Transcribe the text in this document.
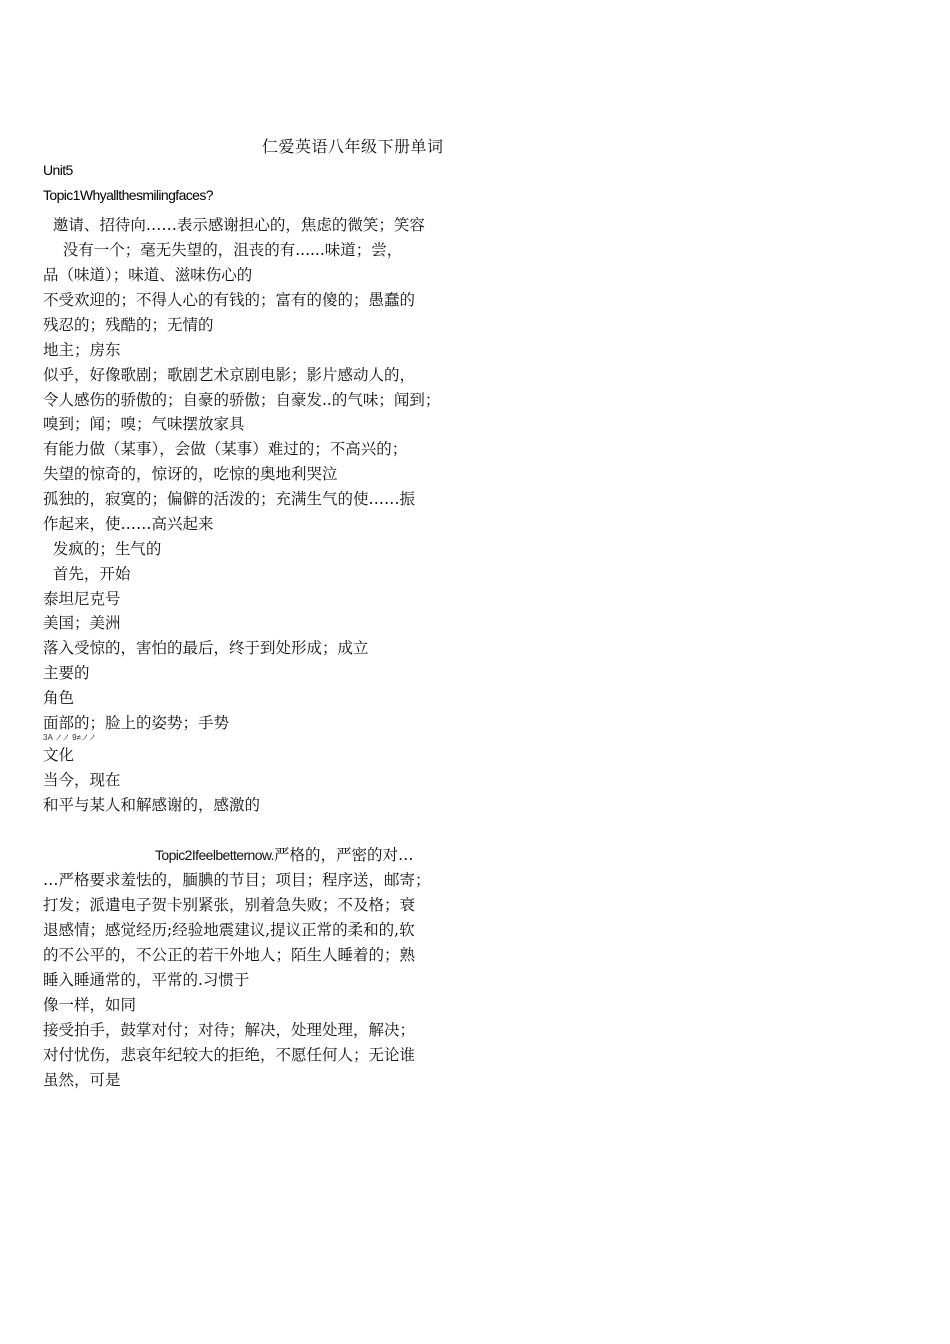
仁爱英语八年级下册单词
Unit5
Topic1Whyallthesmilingfaces?
邀请、招待向……表示感谢担心的，焦虑的微笑；笑容
没有一个；毫无失望的，沮丧的有......味道；尝，
品（味道）；味道、滋味伤心的
不受欢迎的；不得人心的有钱的；富有的傻的；愚蠢的
残忍的；残酷的；无情的
地主；房东
似乎，好像歌剧；歌剧艺术京剧电影；影片感动人的，
令人感伤的骄傲的；自豪的骄傲；自豪发..的气味；闻到；
嗅到；闻；嗅；气味摆放家具
有能力做（某事），会做（某事）难过的；不高兴的；
失望的惊奇的，惊讶的，吃惊的奥地利哭泣
孤独的，寂寞的；偏僻的活泼的；充满生气的使……振
作起来，使……高兴起来
发疯的；生气的
首先，开始
泰坦尼克号
美国；美洲
落入受惊的，害怕的最后，终于到处形成；成立
主要的
角色
面部的；脸上的姿势；手势
3A ノノ 9≠ノノ
文化
当今，现在
和平与某人和解感谢的，感激的
Topic2Ifeelbetternow.严格的，严密的对…
…严格要求羞怯的，腼腆的节目；项目；程序送，邮寄；
打发；派遣电子贺卡别紧张，别着急失败；不及格；衰
退感情；感觉经历;经验地震建议,提议正常的柔和的,软
的不公平的，不公正的若干外地人；陌生人睡着的；熟
睡入睡通常的，平常的.习惯于
像一样，如同
接受拍手，鼓掌对付；对待；解决，处理处理，解决；
对付忧伤，悲哀年纪较大的拒绝，不愿任何人；无论谁
虽然，可是
